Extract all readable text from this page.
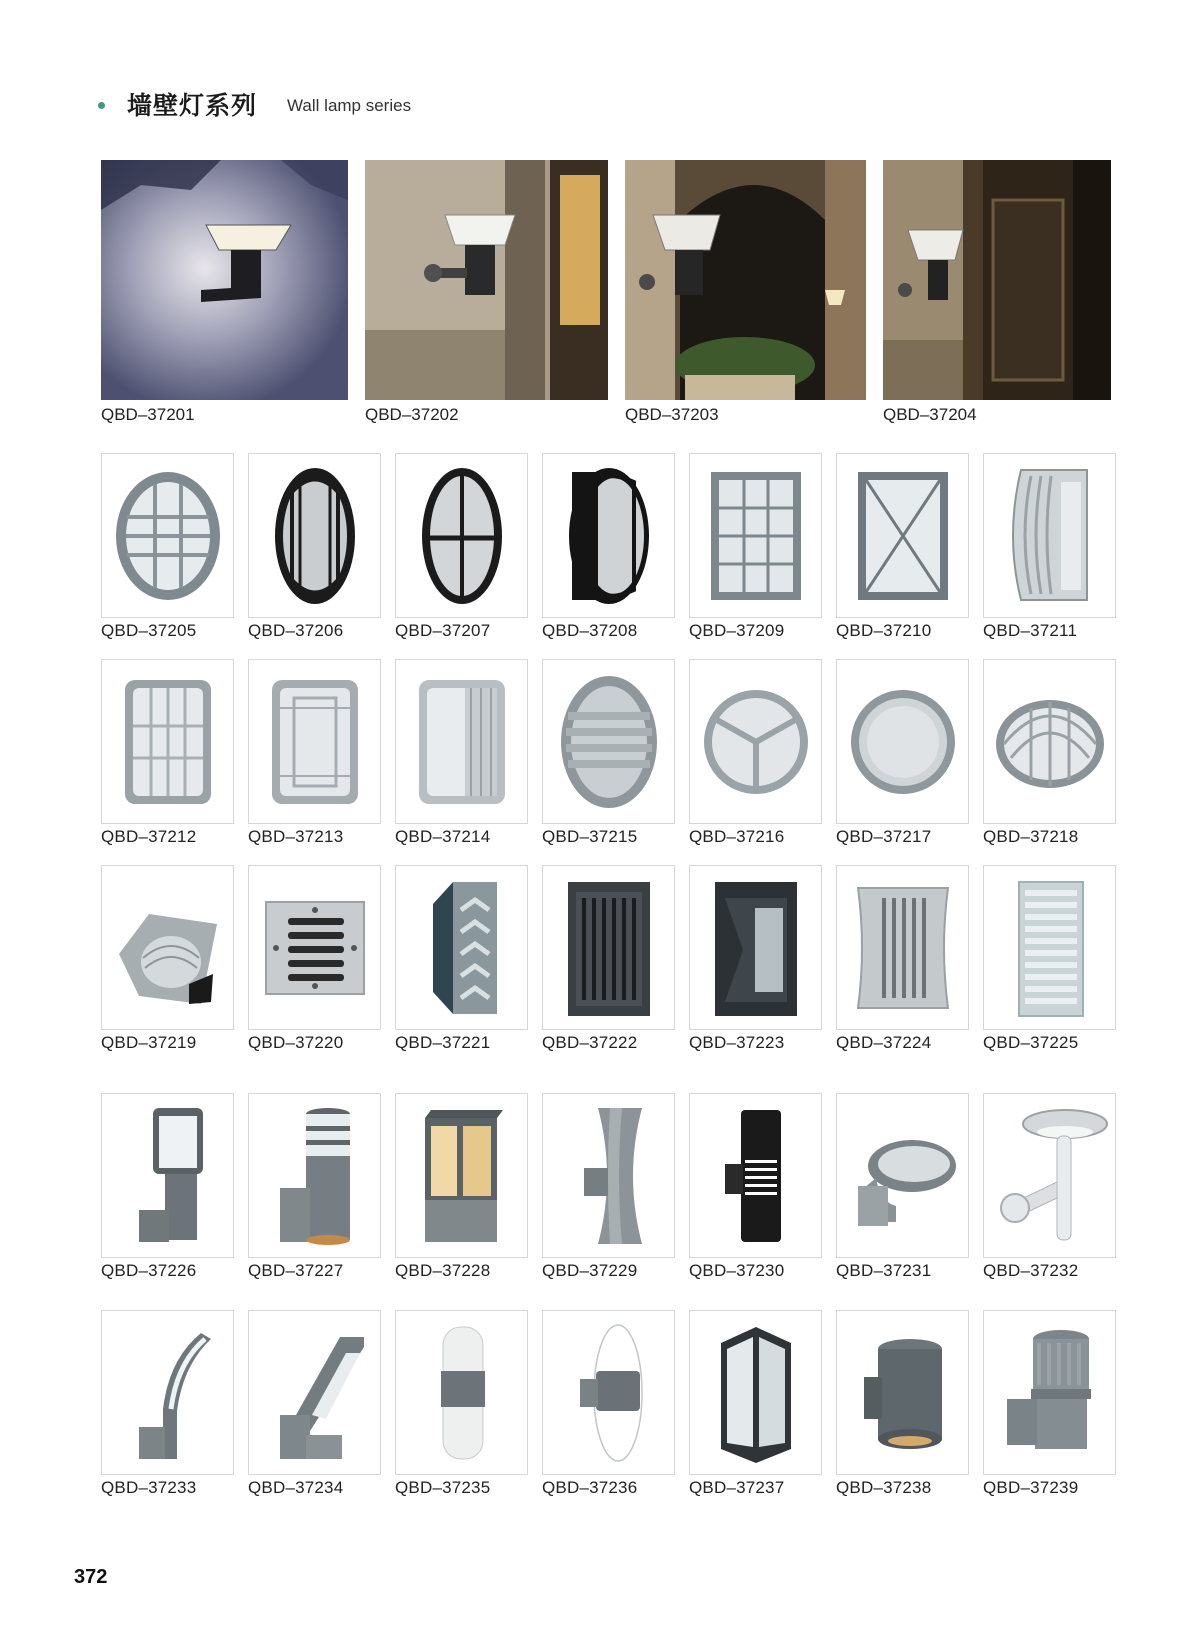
墙壁灯系列 Wall lamp series
QBD–37201	QBD–37202	QBD–37203	QBD–37204
QBD–37205	QBD–37206	QBD–37207	QBD–37208	QBD–37209	QBD–37210	QBD–37211
QBD–37212	QBD–37213	QBD–37214	QBD–37215	QBD–37216	QBD–37217	QBD–37218
QBD–37219	QBD–37220	QBD–37221	QBD–37222	QBD–37223	QBD–37224	QBD–37225
QBD–37226	QBD–37227	QBD–37228	QBD–37229	QBD–37230	QBD–37231	QBD–37232
QBD–37233	QBD–37234	QBD–37235	QBD–37236	QBD–37237	QBD–37238	QBD–37239
372
